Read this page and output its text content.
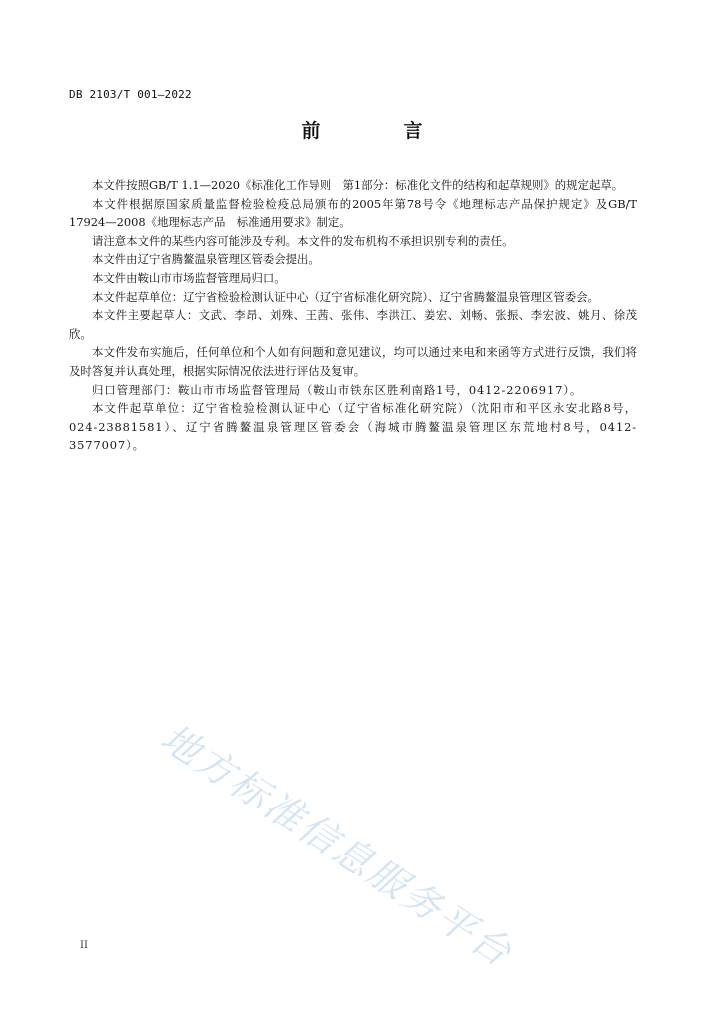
DB 2103/T 001—2022
前　言

本文件按照GB/T 1.1—2020《标准化工作导则　第1部分：标准化文件的结构和起草规则》的规定起草。

本文件根据原国家质量监督检验检疫总局颁布的2005年第78号令《地理标志产品保护规定》及GB/T 17924—2008《地理标志产品　标准通用要求》制定。

请注意本文件的某些内容可能涉及专利。本文件的发布机构不承担识别专利的责任。

本文件由辽宁省腾鳌温泉管理区管委会提出。

本文件由鞍山市市场监督管理局归口。

本文件起草单位：辽宁省检验检测认证中心（辽宁省标准化研究院）、辽宁省腾鳌温泉管理区管委会。

本文件主要起草人：文武、李昂、刘殊、王茜、张伟、李洪江、姜宏、刘畅、张振、李宏波、姚月、徐茂欣。

本文件发布实施后，任何单位和个人如有问题和意见建议，均可以通过来电和来函等方式进行反馈，我们将及时答复并认真处理，根据实际情况依法进行评估及复审。

归口管理部门：鞍山市市场监督管理局（鞍山市铁东区胜利南路1号，0412-2206917）。

本文件起草单位：辽宁省检验检测认证中心（辽宁省标准化研究院）（沈阳市和平区永安北路8号，024-23881581）、辽宁省腾鳌温泉管理区管委会（海城市腾鳌温泉管理区东荒地村8号，0412-3577007）。

地方标准信息服务平台
II
